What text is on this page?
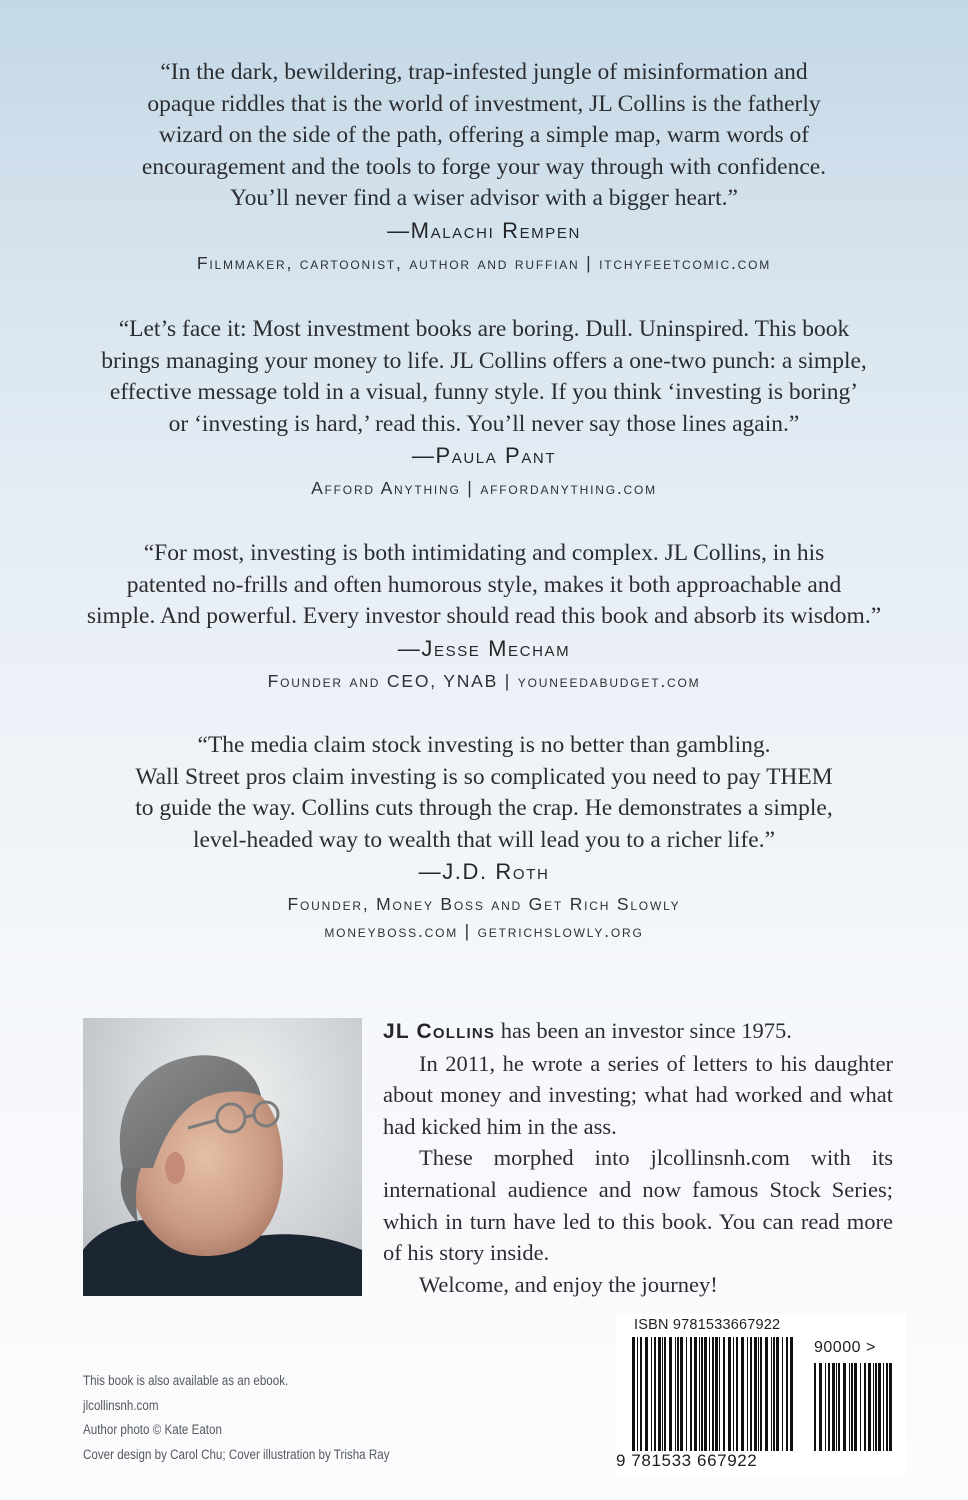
“In the dark, bewildering, trap-infested jungle of misinformation and
opaque riddles that is the world of investment, JL Collins is the fatherly
wizard on the side of the path, offering a simple map, warm words of
encouragement and the tools to forge your way through with confidence.
You’ll never find a wiser advisor with a bigger heart.”

—Malachi Rempen
Filmmaker, cartoonist, author and ruffian | itchyfeetcomic.com

“Let’s face it: Most investment books are boring. Dull. Uninspired. This book
brings managing your money to life. JL Collins offers a one-two punch: a simple,
effective message told in a visual, funny style. If you think ‘investing is boring’
or ‘investing is hard,’ read this. You’ll never say those lines again.”

—Paula Pant
Afford Anything | affordanything.com

“For most, investing is both intimidating and complex. JL Collins, in his
patented no-frills and often humorous style, makes it both approachable and
simple. And powerful. Every investor should read this book and absorb its wisdom.”

—Jesse Mecham
Founder and CEO, YNAB | youneedabudget.com

“The media claim stock investing is no better than gambling.
Wall Street pros claim investing is so complicated you need to pay THEM
to guide the way. Collins cuts through the crap. He demonstrates a simple,
level-headed way to wealth that will lead you to a richer life.”

—J.D. Roth
Founder, Money Boss and Get Rich Slowly
moneyboss.com | getrichslowly.org

JL Collins has been an investor since 1975.

In 2011, he wrote a series of letters to his daughter about money and investing; what had worked and what had kicked him in the ass.

These morphed into jlcollinsnh.com with its international audience and now famous Stock Series; which in turn have led to this book. You can read more of his story inside.

Welcome, and enjoy the journey!

This book is also available as an ebook.
jlcollinsnh.com
Author photo © Kate Eaton
Cover design by Carol Chu; Cover illustration by Trisha Ray
ISBN 9781533667922
90000 >
9 781533 667922
